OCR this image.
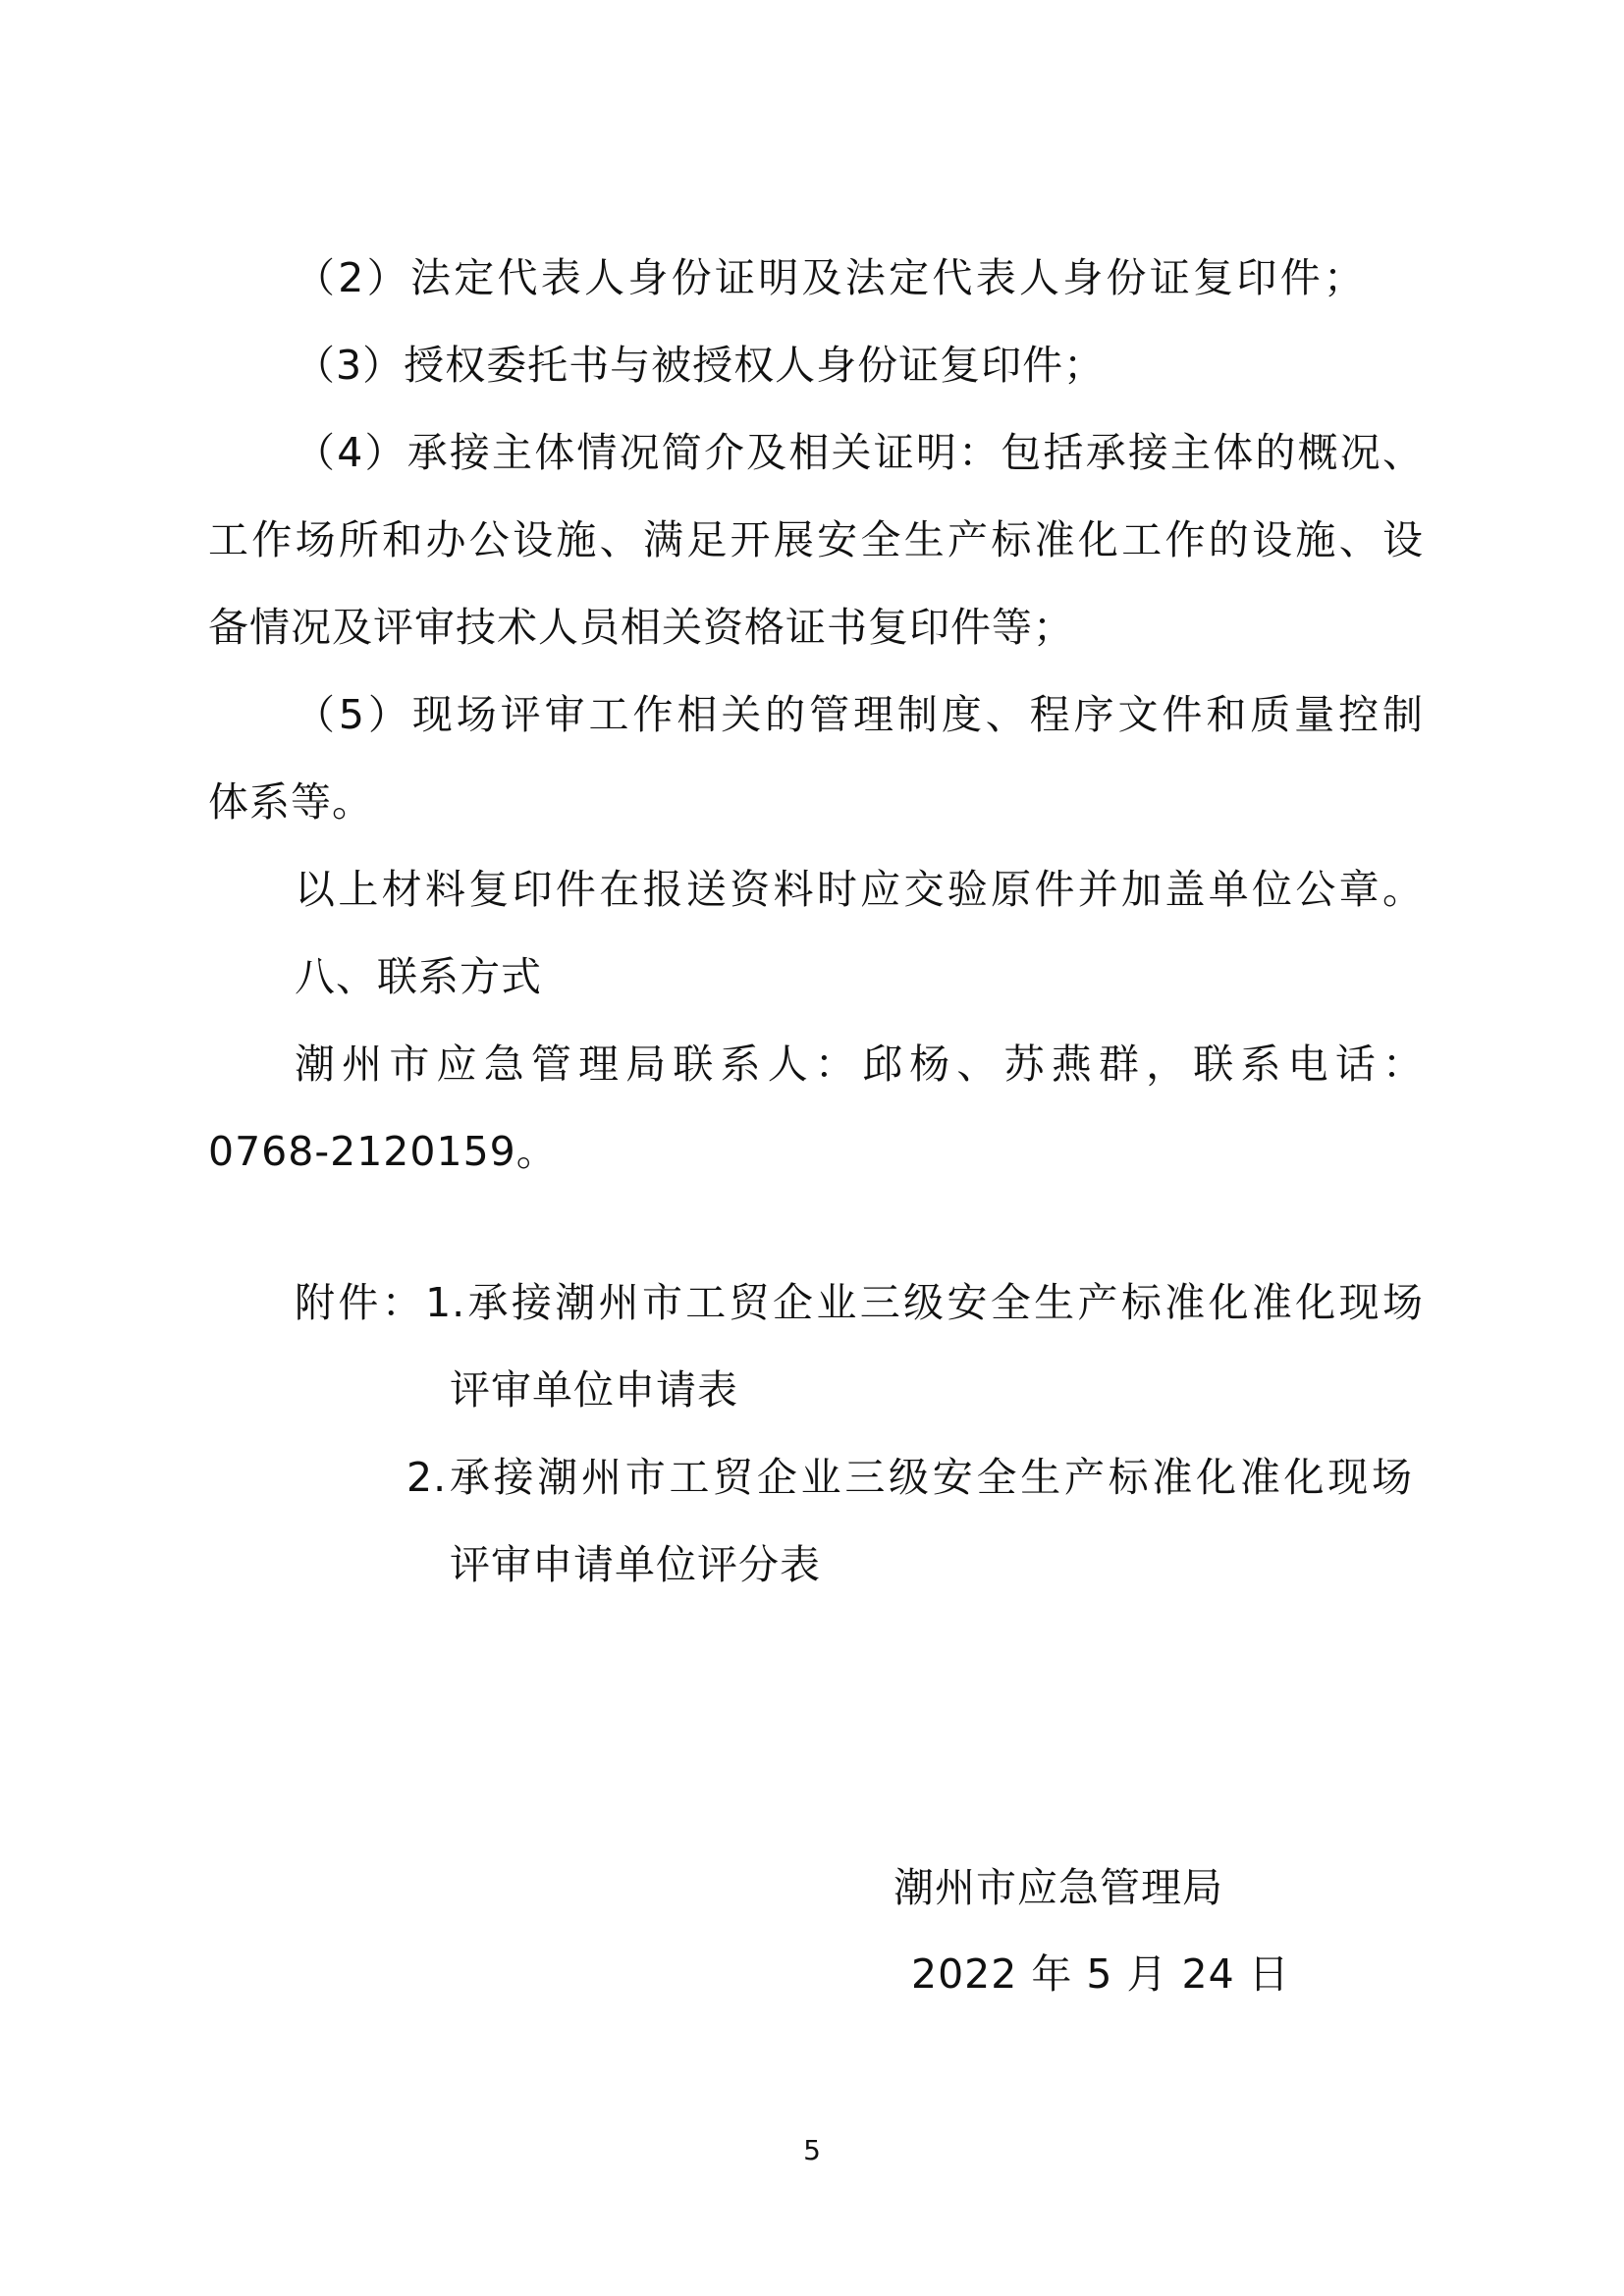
（2）法定代表人身份证明及法定代表人身份证复印件；
（3）授权委托书与被授权人身份证复印件；
（4）承接主体情况简介及相关证明：包括承接主体的概况、
工作场所和办公设施、满足开展安全生产标准化工作的设施、设
备情况及评审技术人员相关资格证书复印件等；
（5）现场评审工作相关的管理制度、程序文件和质量控制
体系等。
以上材料复印件在报送资料时应交验原件并加盖单位公章。
八、联系方式
潮州市应急管理局联系人：邱杨、苏燕群，联系电话：
0768-2120159。
附件：1.承接潮州市工贸企业三级安全生产标准化准化现场
评审单位申请表
2.承接潮州市工贸企业三级安全生产标准化准化现场
评审申请单位评分表
潮州市应急管理局
2022 年 5 月 24 日
5
